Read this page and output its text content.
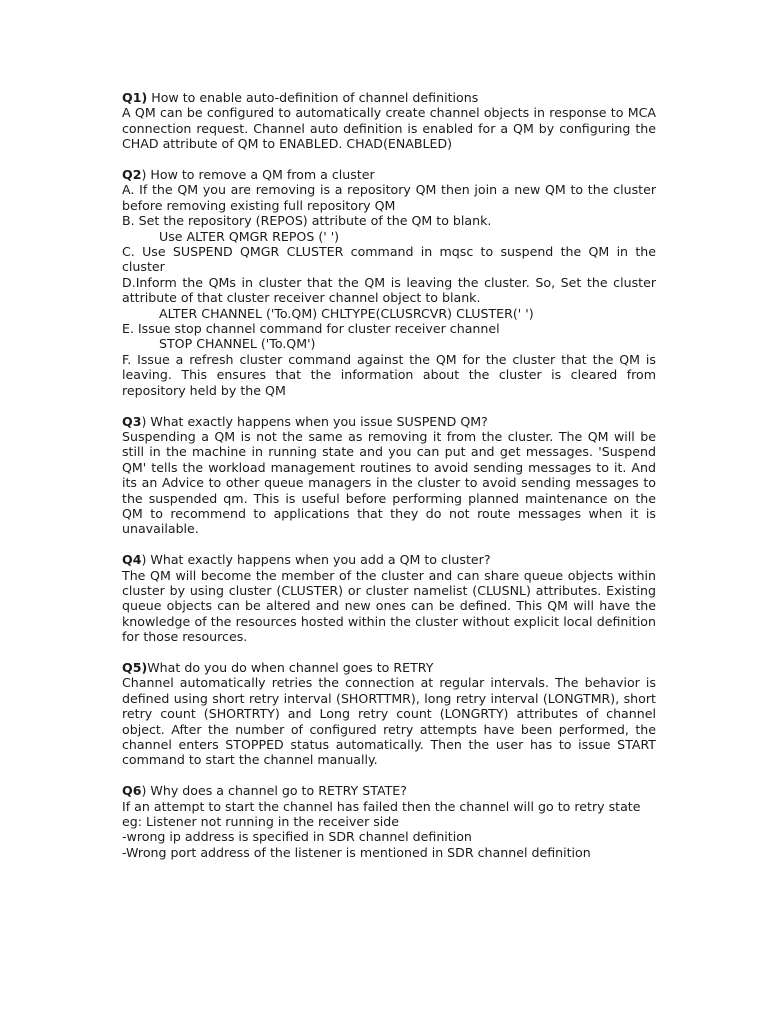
Q1) How to enable auto-definition of channel definitions

A QM can be configured to automatically create channel objects in response to MCA connection request. Channel auto definition is enabled for a QM by configuring the CHAD attribute of QM to ENABLED. CHAD(ENABLED)

Q2) How to remove a QM from a cluster

A. If the QM you are removing is a repository QM then join a new QM to the cluster before removing existing full repository QM

B. Set the repository (REPOS) attribute of the QM to blank.

Use ALTER QMGR REPOS (' ')

C. Use SUSPEND QMGR CLUSTER command in mqsc to suspend the QM in the cluster

D.Inform the QMs in cluster that the QM is leaving the cluster. So, Set the cluster attribute of that cluster receiver channel object to blank.

ALTER CHANNEL ('To.QM) CHLTYPE(CLUSRCVR) CLUSTER(' ')

E. Issue stop channel command for cluster receiver channel

STOP CHANNEL ('To.QM')

F. Issue a refresh cluster command against the QM for the cluster that the QM is leaving. This ensures that the information about the cluster is cleared from repository held by the QM

Q3) What exactly happens when you issue SUSPEND QM?

Suspending a QM is not the same as removing it from the cluster. The QM will be still in the machine in running state and you can put and get messages. 'Suspend QM' tells the workload management routines to avoid sending messages to it. And its an Advice to other queue managers in the cluster to avoid sending messages to the suspended qm. This is useful before performing planned maintenance on the QM to recommend to applications that they do not route messages when it is unavailable.

Q4) What exactly happens when you add a QM to cluster?

The QM will become the member of the cluster and can share queue objects within cluster by using cluster (CLUSTER) or cluster namelist (CLUSNL) attributes. Existing queue objects can be altered and new ones can be defined. This QM will have the knowledge of the resources hosted within the cluster without explicit local definition for those resources.

Q5)What do you do when channel goes to RETRY

Channel automatically retries the connection at regular intervals. The behavior is defined using short retry interval (SHORTTMR), long retry interval (LONGTMR), short retry count (SHORTRTY) and Long retry count (LONGRTY) attributes of channel object. After the number of configured retry attempts have been performed, the channel enters STOPPED status automatically. Then the user has to issue START command to start the channel manually.

Q6) Why does a channel go to RETRY STATE?

If an attempt to start the channel has failed then the channel will go to retry state

eg: Listener not running in the receiver side

-wrong ip address is specified in SDR channel definition

-Wrong port address of the listener is mentioned in SDR channel definition
